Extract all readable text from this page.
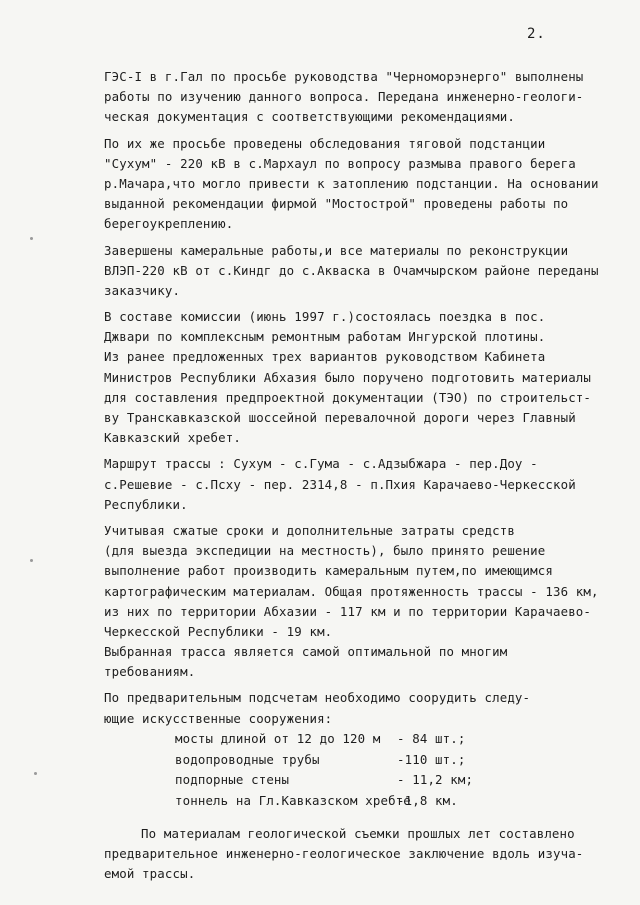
2.
ГЭС-I в г.Гал по просьбе руководства "Черноморэнерго" выполнены
работы по изучению данного вопроса. Передана инженерно-геологи-
ческая документация с соответствующими рекомендациями.
По их же просьбе проведены обследования тяговой подстанции
"Сухум" - 220 кВ в с.Мархаул по вопросу размыва правого берега
р.Мачара,что могло привести к затоплению подстанции. На основании
выданной рекомендации фирмой "Мостострой" проведены работы по
берегоукреплению.
Завершены камеральные работы,и все материалы по реконструкции
ВЛЭП-220 кВ от с.Киндг до с.Акваска в Очамчырском районе переданы
заказчику.
В составе комиссии (июнь 1997 г.)состоялась поездка в пос.
Джвари по комплексным ремонтным работам Ингурской плотины.
Из ранее предложенных трех вариантов руководством Кабинета
Министров Республики Абхазия было поручено подготовить материалы
для составления предпроектной документации (ТЭО) по строительст-
ву Транскавказской шоссейной перевалочной дороги через Главный
Кавказский хребет.
Маршрут трассы : Сухум - с.Гума - с.Адзыбжара - пер.Доу -
с.Решевие - с.Псху - пер. 2314,8 - п.Пхия Карачаево-Черкесской
Республики.
Учитывая сжатые сроки и дополнительные затраты средств
(для выезда экспедиции на местность), было принято решение
выполнение работ производить камеральным путем,по имеющимся
картографическим материалам. Общая протяженность трассы - 136 км,
из них по территории Абхазии - 117 км и по территории Карачаево-
Черкесской Республики - 19 км.
Выбранная трасса является самой оптимальной по многим
требованиям.
По предварительным подсчетам необходимо соорудить следу-
ющие искусственные сооружения:
мосты длиной от 12 до 120 м - 84 шт.;
водопроводные трубы	-110 шт.;
подпорные стены	- 11,2 км;
тоннель на Гл.Кавказском хребте-1,8 км.
По материалам геологической съемки прошлых лет составлено
предварительное инженерно-геологическое заключение вдоль изуча-
емой трассы.
